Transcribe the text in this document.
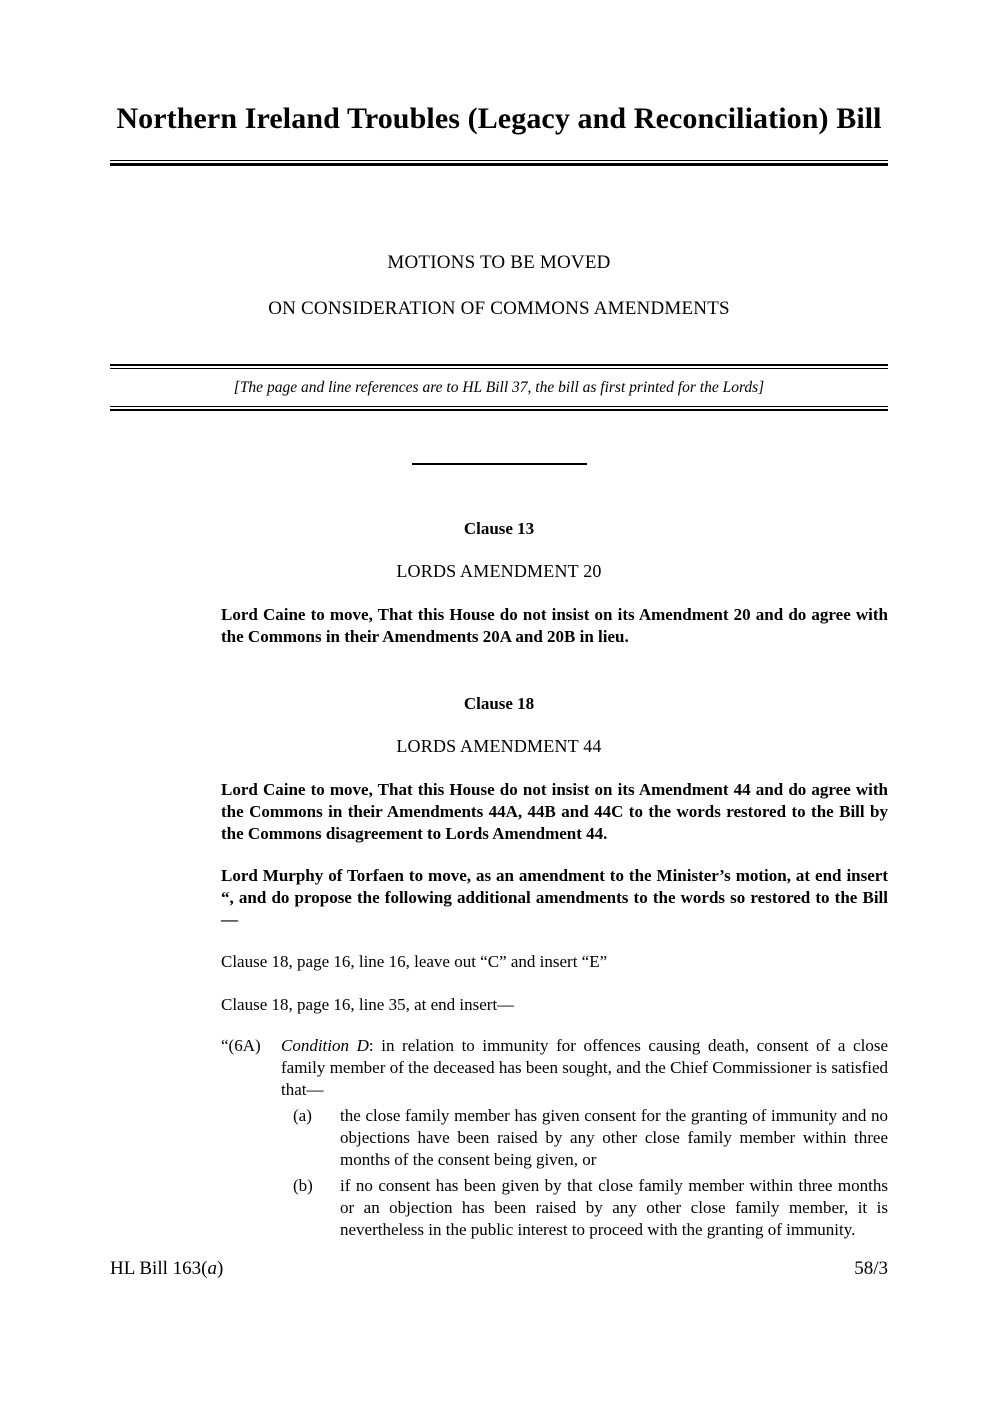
Northern Ireland Troubles (Legacy and Reconciliation) Bill
MOTIONS TO BE MOVED
ON CONSIDERATION OF COMMONS AMENDMENTS
[The page and line references are to HL Bill 37, the bill as first printed for the Lords]
Clause 13
LORDS AMENDMENT 20

Lord Caine to move, That this House do not insist on its Amendment 20 and do agree with the Commons in their Amendments 20A and 20B in lieu.

Clause 18
LORDS AMENDMENT 44

Lord Caine to move, That this House do not insist on its Amendment 44 and do agree with the Commons in their Amendments 44A, 44B and 44C to the words restored to the Bill by the Commons disagreement to Lords Amendment 44.

Lord Murphy of Torfaen to move, as an amendment to the Minister’s motion, at end insert “, and do propose the following additional amendments to the words so restored to the Bill—

Clause 18, page 16, line 16, leave out “C” and insert “E”

Clause 18, page 16, line 35, at end insert—

“(6A)	Condition D: in relation to immunity for offences causing death, consent of a close family member of the deceased has been sought, and the Chief Commissioner is satisfied that—
(a)	the close family member has given consent for the granting of immunity and no objections have been raised by any other close family member within three months of the consent being given, or
(b)	if no consent has been given by that close family member within three months or an objection has been raised by any other close family member, it is nevertheless in the public interest to proceed with the granting of immunity.
HL Bill 163(a)	58/3
